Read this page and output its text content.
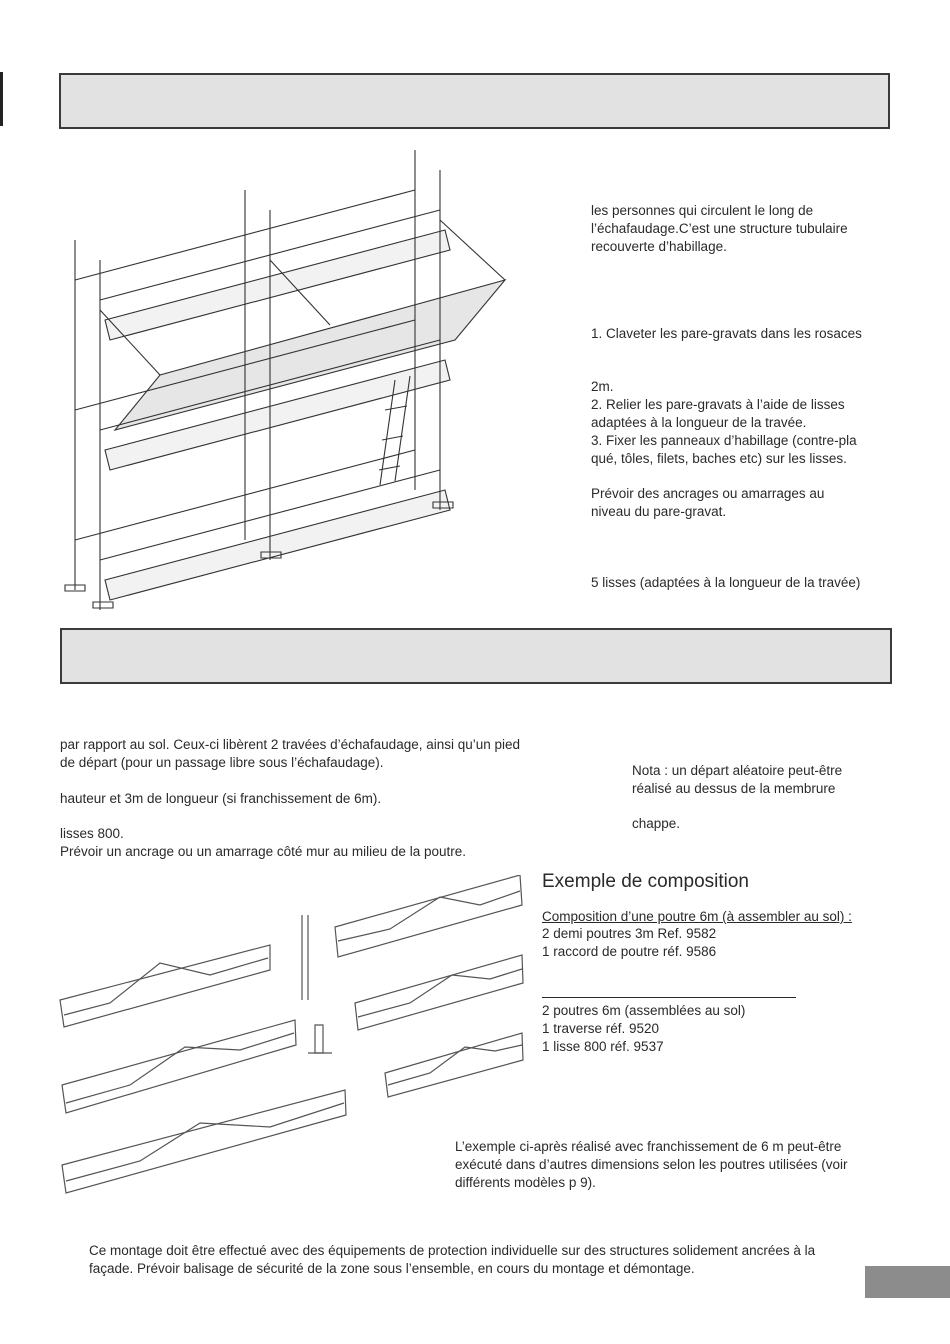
les personnes qui circulent le long de
l’échafaudage.C’est une structure tubulaire
recouverte d’habillage.
1. Claveter les pare-gravats dans les rosaces
2m.
2. Relier les pare-gravats à l’aide de lisses
adaptées à la longueur de la travée.
3. Fixer les panneaux d’habillage (contre-pla
qué, tôles, filets, baches etc) sur les lisses.
Prévoir des ancrages ou amarrages au
niveau du pare-gravat.
5 lisses (adaptées à la longueur de la travée)
par rapport au sol. Ceux-ci libèrent 2 travées d’échafaudage, ainsi qu’un pied
de départ (pour un passage libre sous l’échafaudage).
hauteur et 3m de longueur (si franchissement de 6m).
lisses 800.
Prévoir un ancrage ou un amarrage côté mur au milieu de la poutre.
Nota : un départ aléatoire peut-être
réalisé au dessus de la membrure
chappe.
Exemple de composition
Composition d’une poutre 6m (à assembler au sol) :
2 demi poutres 3m Ref. 9582
1 raccord de poutre réf. 9586
2 poutres 6m (assemblées au sol)
1 traverse réf. 9520
1 lisse 800 réf. 9537
L’exemple ci-après réalisé avec franchissement de 6 m peut-être
exécuté dans d’autres dimensions selon les poutres utilisées (voir
différents modèles p 9).
Ce montage doit être effectué avec des équipements de protection individuelle sur des structures solidement ancrées à la
façade. Prévoir balisage de sécurité de la zone sous l’ensemble, en cours du montage et démontage.
